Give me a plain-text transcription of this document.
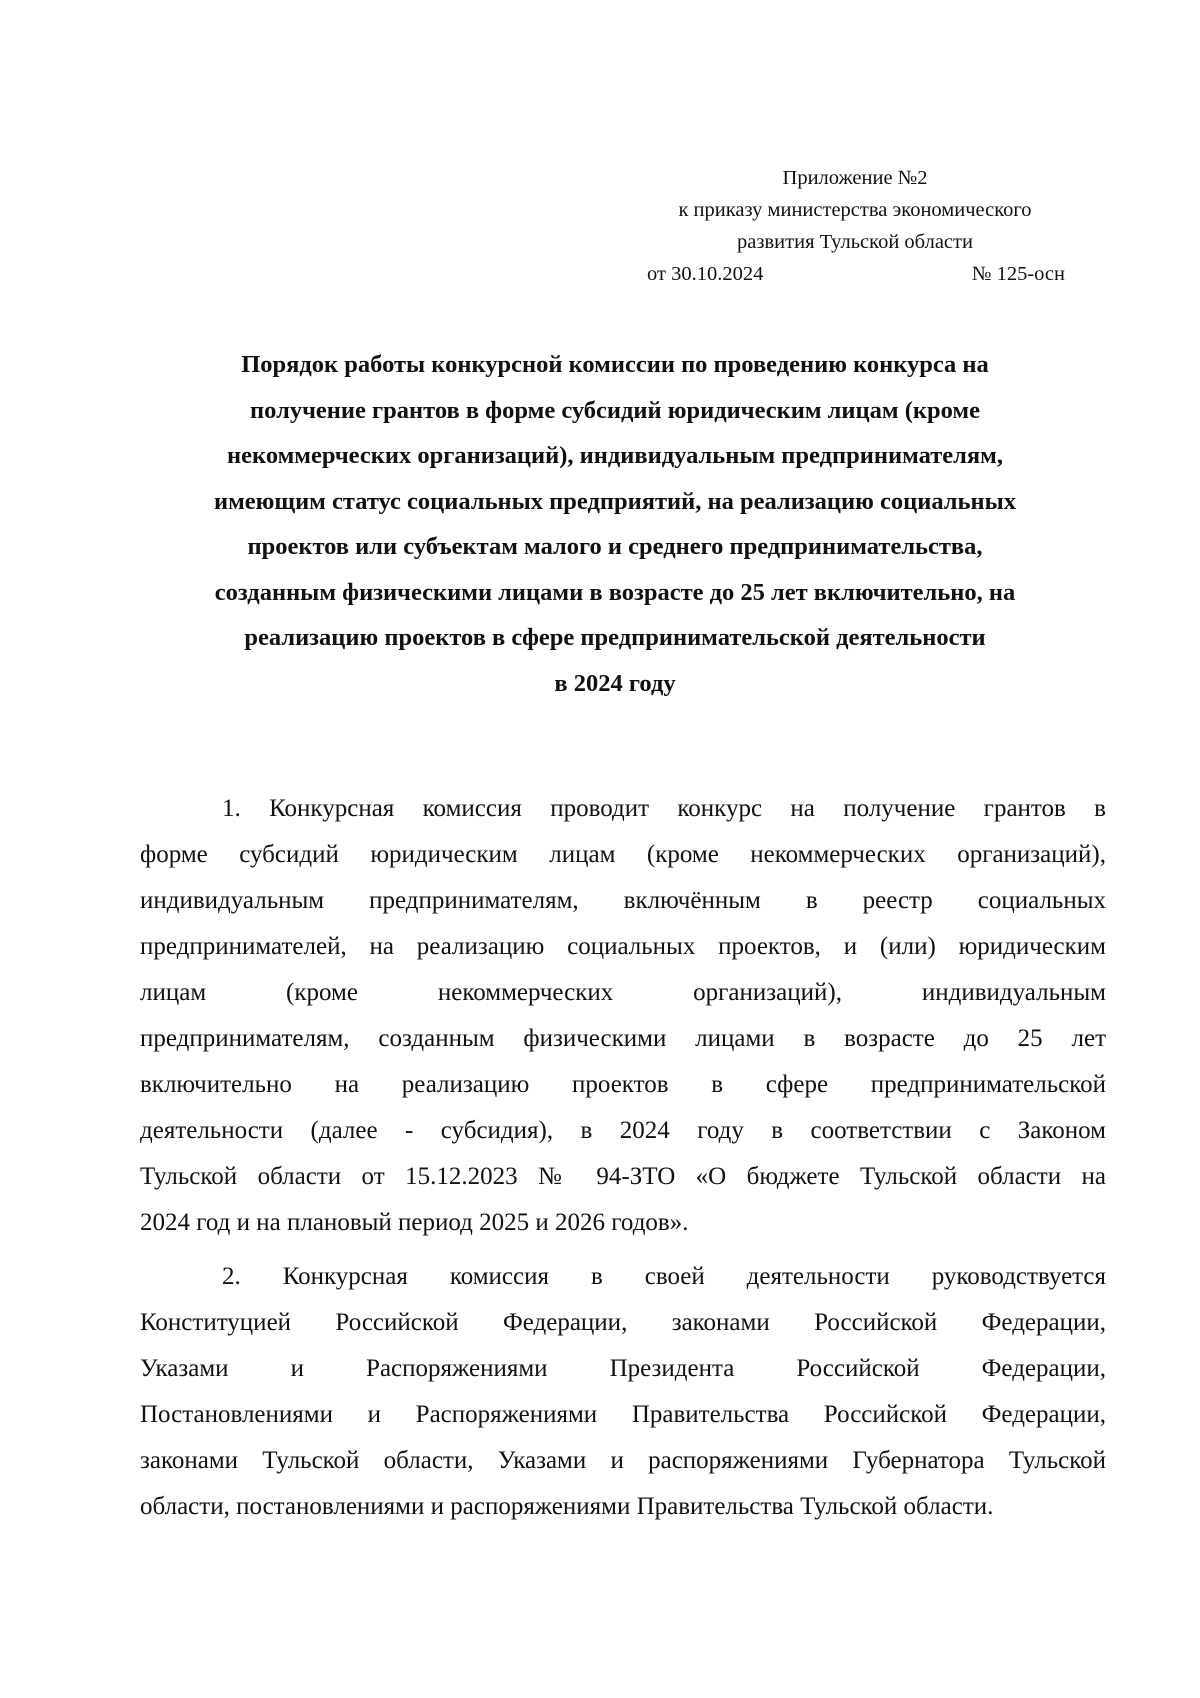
Приложение №2
к приказу министерства экономического
развития Тульской области
от 30.10.2024	№ 125-осн
Порядок работы конкурсной комиссии по проведению конкурса на
получение грантов в форме субсидий юридическим лицам (кроме
некоммерческих организаций), индивидуальным предпринимателям,
имеющим статус социальных предприятий, на реализацию социальных
проектов или субъектам малого и среднего предпринимательства,
созданным физическими лицами в возрасте до 25 лет включительно, на
реализацию проектов в сфере предпринимательской деятельности
в 2024 году

1. Конкурсная комиссия проводит конкурс на получение грантов в
форме субсидий юридическим лицам (кроме некоммерческих организаций),
индивидуальным предпринимателям, включённым в реестр социальных
предпринимателей, на реализацию социальных проектов, и (или) юридическим
лицам (кроме некоммерческих организаций), индивидуальным
предпринимателям, созданным физическими лицами в возрасте до 25 лет
включительно на реализацию проектов в сфере предпринимательской
деятельности (далее - субсидия), в 2024 году в соответствии с Законом
Тульской области от 15.12.2023 № 94-ЗТО «О бюджете Тульской области на
2024 год и на плановый период 2025 и 2026 годов».

2. Конкурсная комиссия в своей деятельности руководствуется
Конституцией Российской Федерации, законами Российской Федерации,
Указами и Распоряжениями Президента Российской Федерации,
Постановлениями и Распоряжениями Правительства Российской Федерации,
законами Тульской области, Указами и распоряжениями Губернатора Тульской
области, постановлениями и распоряжениями Правительства Тульской области.
